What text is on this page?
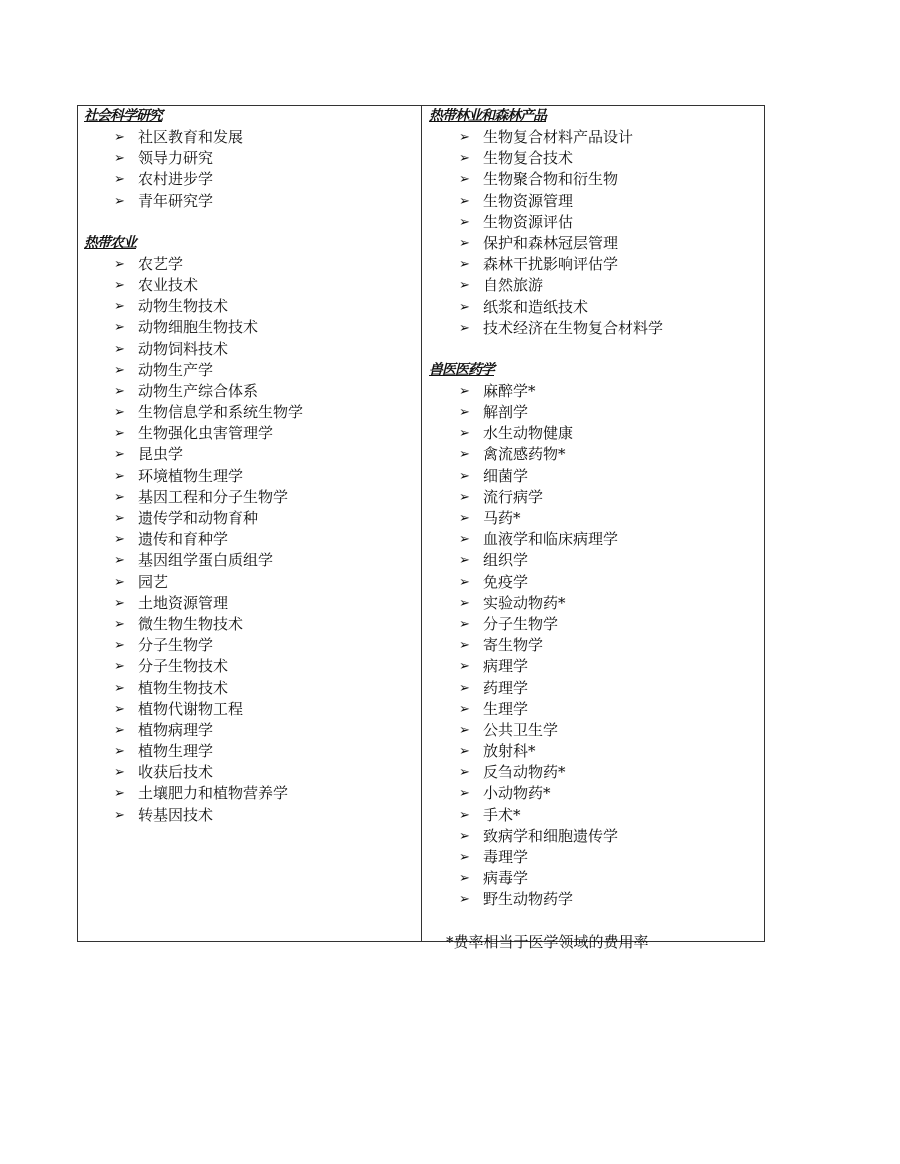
社会科学研究
➢ 社区教育和发展
➢ 领导力研究
➢ 农村进步学
➢ 青年研究学
热带农业
➢ 农艺学
➢ 农业技术
➢ 动物生物技术
➢ 动物细胞生物技术
➢ 动物饲料技术
➢ 动物生产学
➢ 动物生产综合体系
➢ 生物信息学和系统生物学
➢ 生物强化虫害管理学
➢ 昆虫学
➢ 环境植物生理学
➢ 基因工程和分子生物学
➢ 遗传学和动物育种
➢ 遗传和育种学
➢ 基因组学蛋白质组学
➢ 园艺
➢ 土地资源管理
➢ 微生物生物技术
➢ 分子生物学
➢ 分子生物技术
➢ 植物生物技术
➢ 植物代谢物工程
➢ 植物病理学
➢ 植物生理学
➢ 收获后技术
➢ 土壤肥力和植物营养学
➢ 转基因技术
热带林业和森林产品
➢ 生物复合材料产品设计
➢ 生物复合技术
➢ 生物聚合物和衍生物
➢ 生物资源管理
➢ 生物资源评估
➢ 保护和森林冠层管理
➢ 森林干扰影响评估学
➢ 自然旅游
➢ 纸浆和造纸技术
➢ 技术经济在生物复合材料学
兽医医药学
➢ 麻醉学*
➢ 解剖学
➢ 水生动物健康
➢ 禽流感药物*
➢ 细菌学
➢ 流行病学
➢ 马药*
➢ 血液学和临床病理学
➢ 组织学
➢ 免疫学
➢ 实验动物药*
➢ 分子生物学
➢ 寄生物学
➢ 病理学
➢ 药理学
➢ 生理学
➢ 公共卫生学
➢ 放射科*
➢ 反刍动物药*
➢ 小动物药*
➢ 手术*
➢ 致病学和细胞遗传学
➢ 毒理学
➢ 病毒学
➢ 野生动物药学
*费率相当于医学领域的费用率
